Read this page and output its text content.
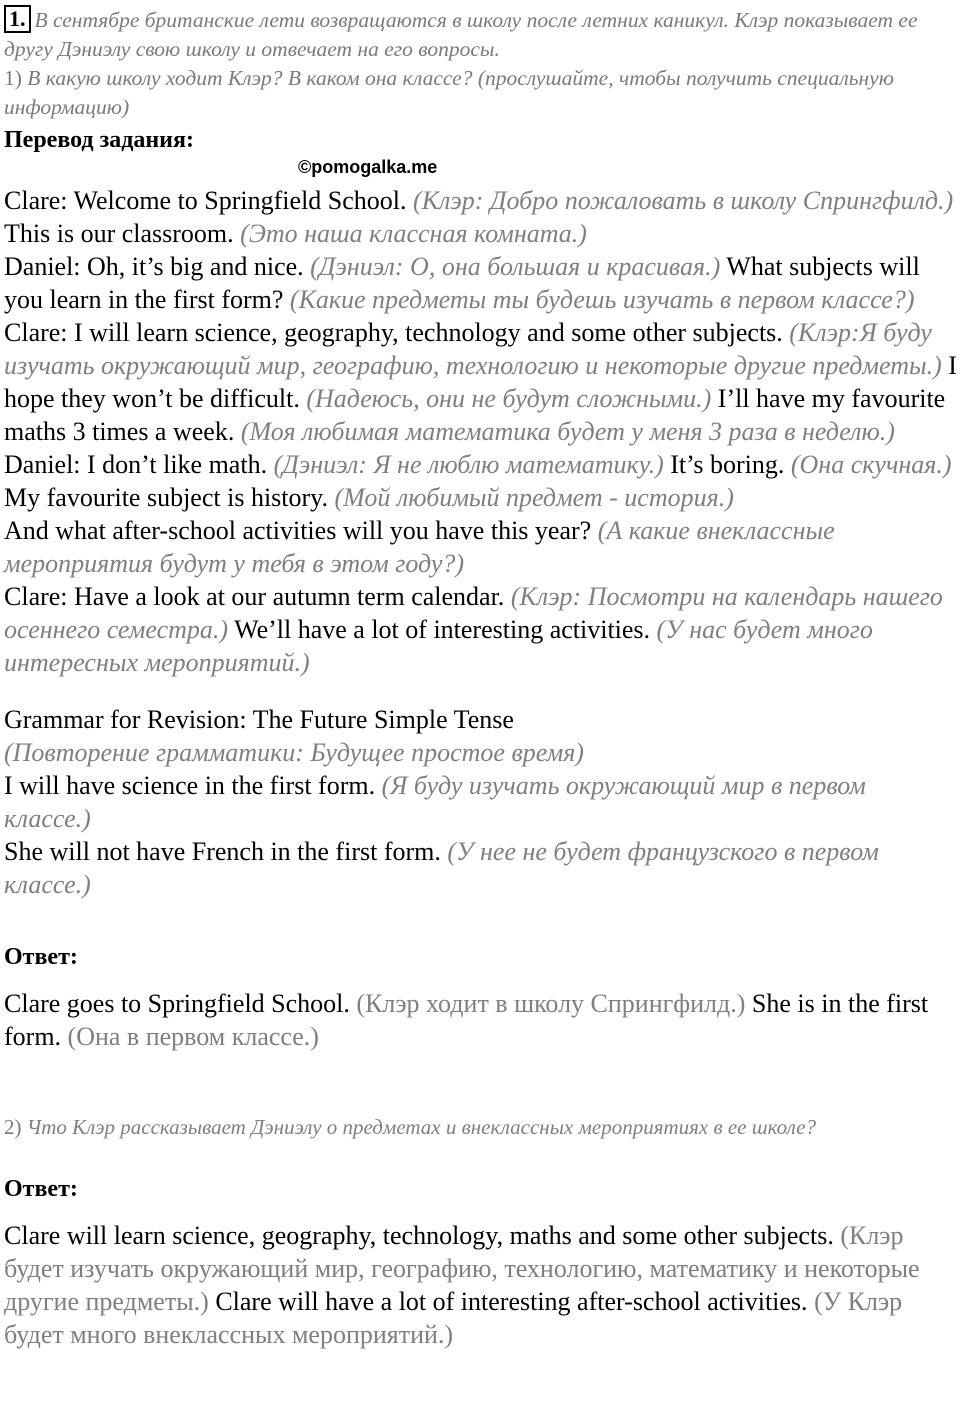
1. В сентябре британские лети возвращаются в школу после летних каникул. Клэр показывает ее другу Дэниэлу свою школу и отвечает на его вопросы.
1) В какую школу ходит Клэр? В каком она классе? (прослушайте, чтобы получить специальную информацию)
Перевод задания:
©pomogalka.me

Clare: Welcome to Springfield School. (Клэр: Добро пожаловать в школу Спрингфилд.) This is our classroom. (Это наша классная комната.)

Daniel: Oh, it’s big and nice. (Дэниэл: О, она большая и красивая.) What subjects will you learn in the first form? (Какие предметы ты будешь изучать в первом классе?)

Clare: I will learn science, geography, technology and some other subjects. (Клэр:Я буду изучать окружающий мир, географию, технологию и некоторые другие предметы.) I hope they won’t be difficult. (Надеюсь, они не будут сложными.) I’ll have my favourite maths 3 times a week. (Моя любимая математика будет у меня 3 раза в неделю.)

Daniel: I don’t like math. (Дэниэл: Я не люблю математику.) It’s boring. (Она скучная.) My favourite subject is history. (Мой любимый предмет - история.)

And what after-school activities will you have this year? (А какие внеклассные мероприятия будут у тебя в этом году?)

Clare: Have a look at our autumn term calendar. (Клэр: Посмотри на календарь нашего осеннего семестра.) We’ll have a lot of interesting activities. (У нас будет много интересных мероприятий.)

Grammar for Revision: The Future Simple Tense

(Повторение грамматики: Будущее простое время)

I will have science in the first form. (Я буду изучать окружающий мир в первом классе.)

She will not have French in the first form. (У нее не будет французского в первом классе.)

Ответ:
Clare goes to Springfield School. (Клэр ходит в школу Спрингфилд.) She is in the first form. (Она в первом классе.)
2) Что Клэр рассказывает Дэниэлу о предметах и внеклассных мероприятиях в ее школе?
Ответ:
Clare will learn science, geography, technology, maths and some other subjects. (Клэр будет изучать окружающий мир, географию, технологию, математику и некоторые другие предметы.) Clare will have a lot of interesting after-school activities. (У Клэр будет много внеклассных мероприятий.)
